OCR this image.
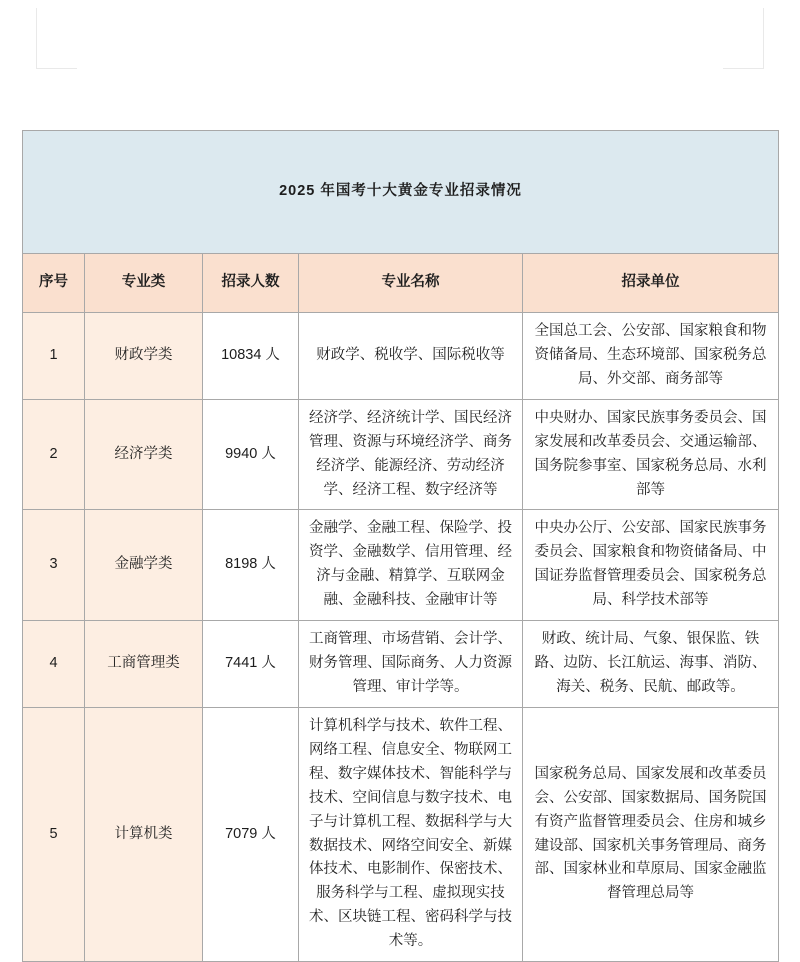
2025 年国考十大黄金专业招录情况				
序号	专业类	招录人数	专业名称	招录单位
1	财政学类	10834 人	财政学、税收学、国际税收等	全国总工会、公安部、国家粮食和物资储备局、生态环境部、国家税务总局、外交部、商务部等
2	经济学类	9940 人	经济学、经济统计学、国民经济管理、资源与环境经济学、商务经济学、能源经济、劳动经济学、经济工程、数字经济等	中央财办、国家民族事务委员会、国家发展和改革委员会、交通运输部、国务院参事室、国家税务总局、水利部等
3	金融学类	8198 人	金融学、金融工程、保险学、投资学、金融数学、信用管理、经济与金融、精算学、互联网金融、金融科技、金融审计等	中央办公厅、公安部、国家民族事务委员会、国家粮食和物资储备局、中国证券监督管理委员会、国家税务总局、科学技术部等
4	工商管理类	7441 人	工商管理、市场营销、会计学、财务管理、国际商务、人力资源管理、审计学等。	财政、统计局、气象、银保监、铁路、边防、长江航运、海事、消防、海关、税务、民航、邮政等。
5	计算机类	7079 人	计算机科学与技术、软件工程、网络工程、信息安全、物联网工程、数字媒体技术、智能科学与技术、空间信息与数字技术、电子与计算机工程、数据科学与大数据技术、网络空间安全、新媒体技术、电影制作、保密技术、服务科学与工程、虚拟现实技术、区块链工程、密码科学与技术等。	国家税务总局、国家发展和改革委员会、公安部、国家数据局、国务院国有资产监督管理委员会、住房和城乡建设部、国家机关事务管理局、商务部、国家林业和草原局、国家金融监督管理总局等
